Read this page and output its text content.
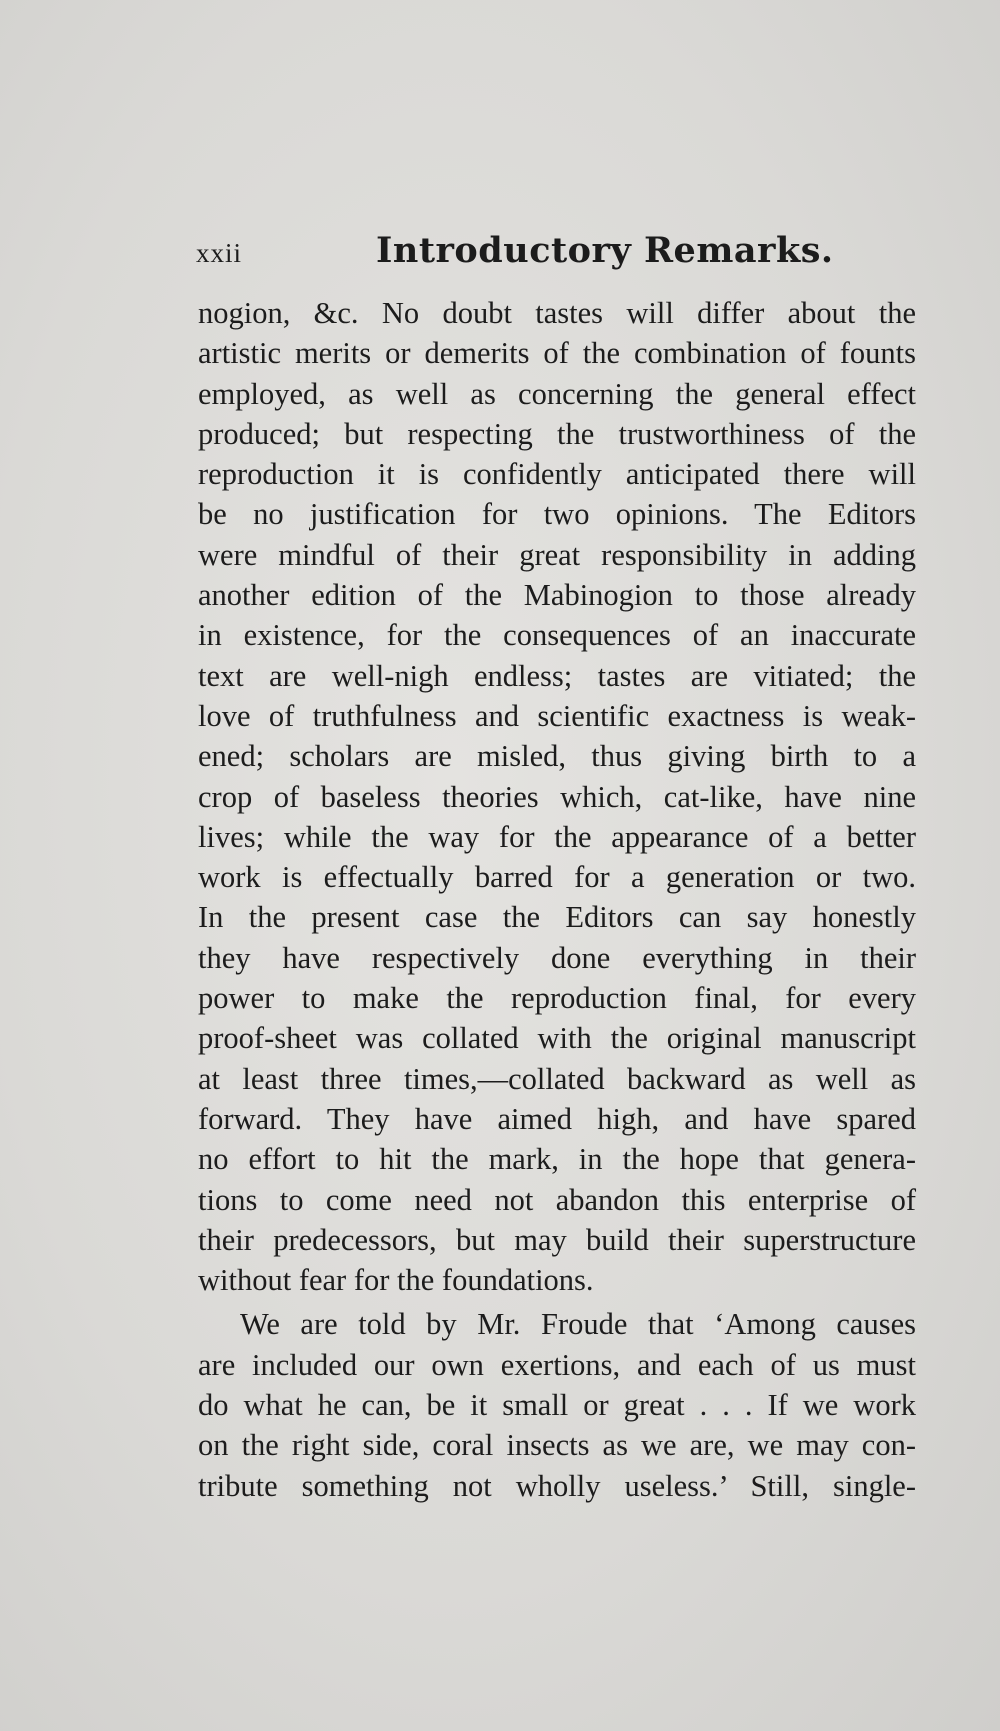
xxii	Introductory Remarks.
nogion, &c. No doubt tastes will differ about the
artistic merits or demerits of the combination of founts
employed, as well as concerning the general effect
produced; but respecting the trustworthiness of the
reproduction it is confidently anticipated there will
be no justification for two opinions. The Editors
were mindful of their great responsibility in adding
another edition of the Mabinogion to those already
in existence, for the consequences of an inaccurate
text are well-nigh endless; tastes are vitiated; the
love of truthfulness and scientific exactness is weak-
ened; scholars are misled, thus giving birth to a
crop of baseless theories which, cat-like, have nine
lives; while the way for the appearance of a better
work is effectually barred for a generation or two.
In the present case the Editors can say honestly
they have respectively done everything in their
power to make the reproduction final, for every
proof-sheet was collated with the original manuscript
at least three times,—collated backward as well as
forward. They have aimed high, and have spared
no effort to hit the mark, in the hope that genera-
tions to come need not abandon this enterprise of
their predecessors, but may build their superstructure
without fear for the foundations.
We are told by Mr. Froude that ‘Among causes
are included our own exertions, and each of us must
do what he can, be it small or great . . . If we work
on the right side, coral insects as we are, we may con-
tribute something not wholly useless.’ Still, single-
